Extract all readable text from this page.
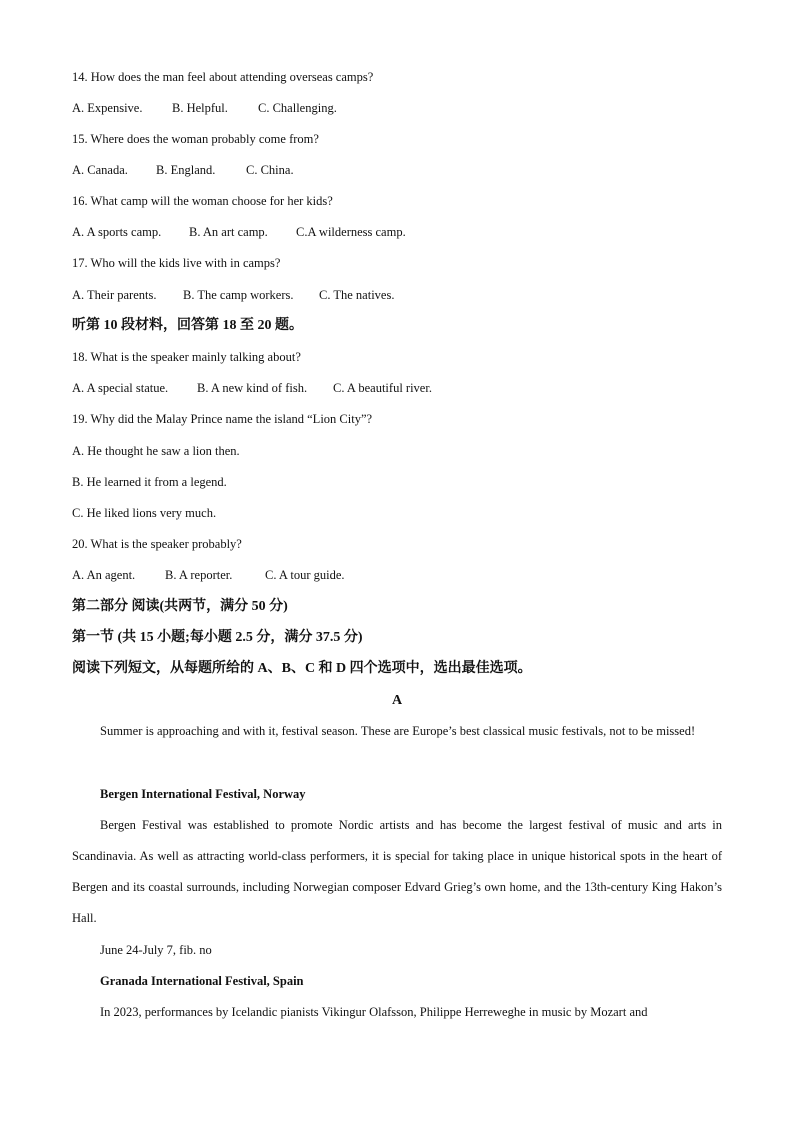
14. How does the man feel about attending overseas camps?
A. Expensive. B. Helpful. C. Challenging.
15. Where does the woman probably come from?
A. Canada. B. England. C. China.
16. What camp will the woman choose for her kids?
A. A sports camp. B. An art camp. C.A wilderness camp.
17. Who will the kids live with in camps?
A. Their parents. B. The camp workers. C. The natives.
听第 10 段材料，回答第 18 至 20 题。
18. What is the speaker mainly talking about?
A. A special statue. B. A new kind of fish. C. A beautiful river.
19. Why did the Malay Prince name the island “Lion City”?
A. He thought he saw a lion then.
B. He learned it from a legend.
C. He liked lions very much.
20. What is the speaker probably?
A. An agent. B. A reporter.	C. A tour guide.
第二部分 阅读(共两节，满分 50 分)
第一节 (共 15 小题;每小题 2.5 分，满分 37.5 分)
阅读下列短文，从每题所给的 A、B、C 和 D 四个选项中，选出最佳选项。
A
Summer is approaching and with it, festival season. These are Europe’s best classical music festivals, not to be missed!
Bergen International Festival, Norway
Bergen Festival was established to promote Nordic artists and has become the largest festival of music and arts in Scandinavia. As well as attracting world-class performers, it is special for taking place in unique historical spots in the heart of Bergen and its coastal surrounds, including Norwegian composer Edvard Grieg’s own home, and the 13th-century King Hakon’s Hall.
June 24-July 7, fib. no
Granada International Festival, Spain
In 2023, performances by Icelandic pianists Vikingur Olafsson, Philippe Herreweghe in music by Mozart and
